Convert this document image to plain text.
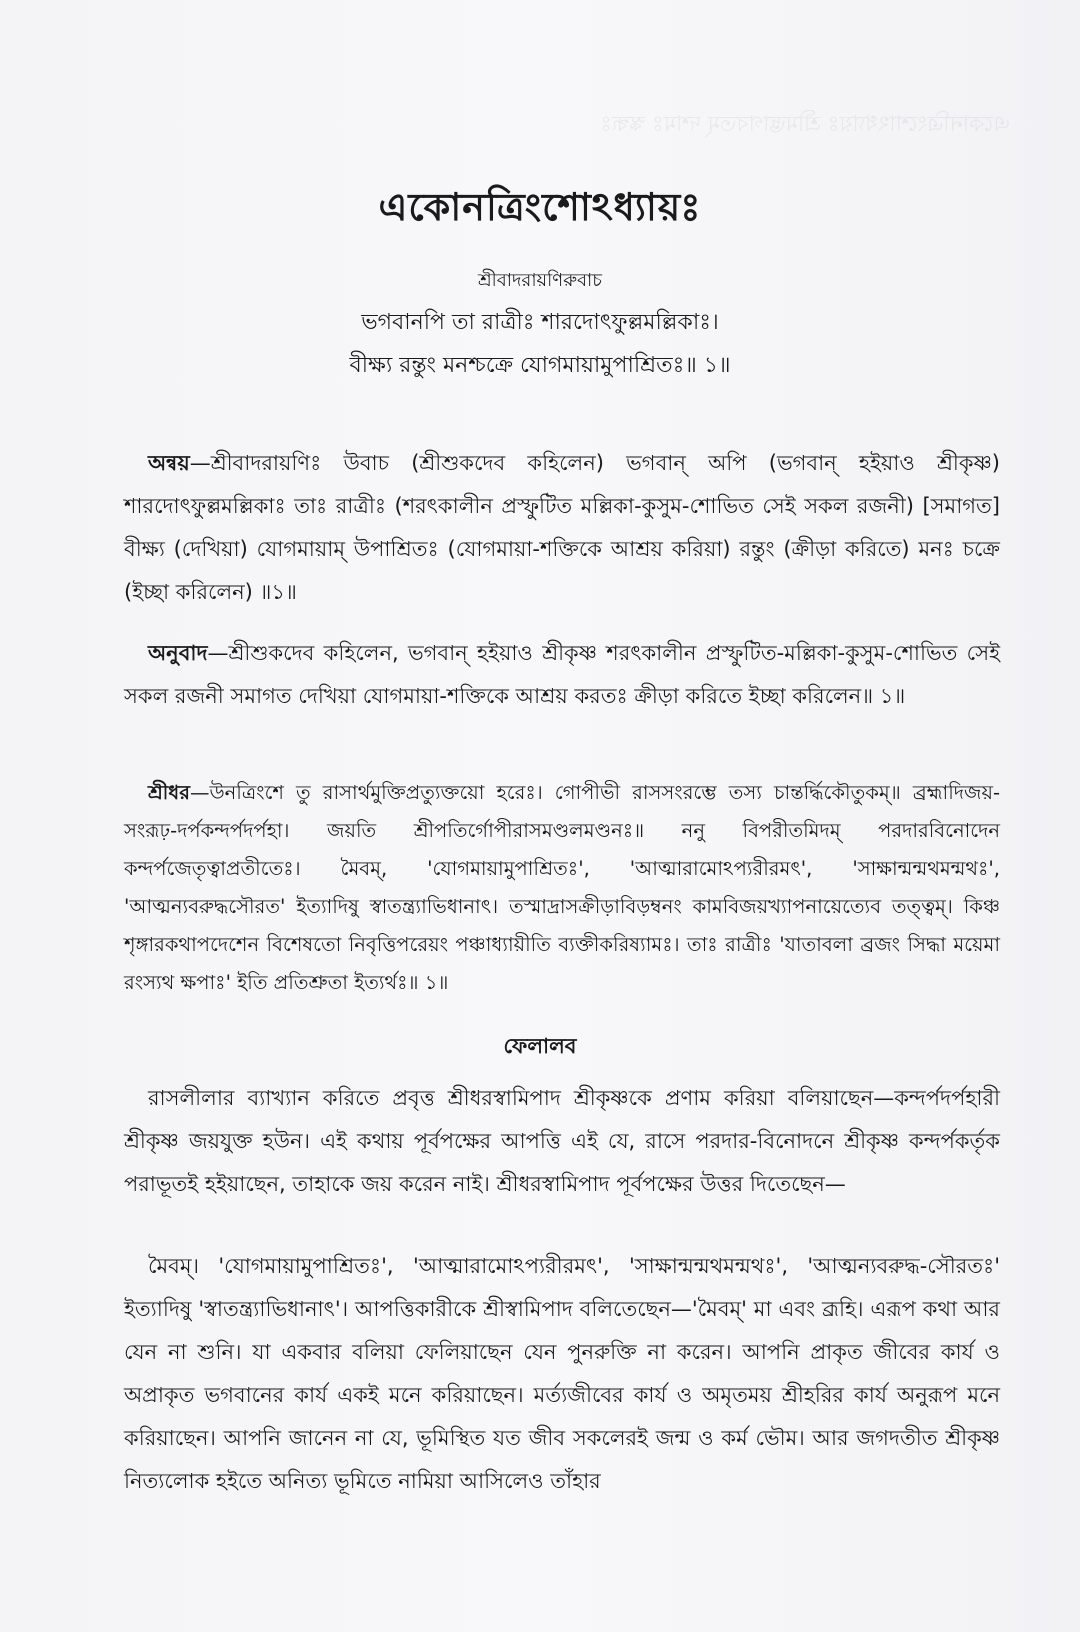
একোনত্রিংশোঽধ্যায়ঃ শ্রীমদ্ভাগবতম্ দশমঃ স্কন্ধঃ
একোনত্রিংশোঽধ্যায়ঃ
শ্রীবাদরায়ণিরুবাচ
ভগবানপি তা রাত্রীঃ শারদোৎফুল্লমল্লিকাঃ।
বীক্ষ্য রন্তুং মনশ্চক্রে যোগমায়ামুপাশ্রিতঃ॥ ১॥
অন্বয়—শ্রীবাদরায়ণিঃ উবাচ (শ্রীশুকদেব কহিলেন) ভগবান্ অপি (ভগবান্ হইয়াও শ্রীকৃষ্ণ) শারদোৎফুল্লমল্লিকাঃ তাঃ রাত্রীঃ (শরৎকালীন প্রস্ফুটিত মল্লিকা-কুসুম-শোভিত সেই সকল রজনী) [সমাগত] বীক্ষ্য (দেখিয়া) যোগমায়াম্ উপাশ্রিতঃ (যোগমায়া-শক্তিকে আশ্রয় করিয়া) রন্তুং (ক্রীড়া করিতে) মনঃ চক্রে (ইচ্ছা করিলেন) ॥১॥
অনুবাদ—শ্রীশুকদেব কহিলেন, ভগবান্ হইয়াও শ্রীকৃষ্ণ শরৎকালীন প্রস্ফুটিত-মল্লিকা-কুসুম-শোভিত সেই সকল রজনী সমাগত দেখিয়া যোগমায়া-শক্তিকে আশ্রয় করতঃ ক্রীড়া করিতে ইচ্ছা করিলেন॥ ১॥
শ্রীধর—উনত্রিংশে তু রাসার্থমুক্তিপ্রত্যুক্তয়ো হরেঃ। গোপীভী রাসসংরম্ভে তস্য চান্তর্দ্ধিকৌতুকম্॥ ব্রহ্মাদিজয়-সংরূঢ়-দর্পকন্দর্পদর্পহা। জয়তি শ্রীপতির্গোপীরাসমণ্ডলমণ্ডনঃ॥ ননু বিপরীতমিদম্ পরদারবিনোদেন কন্দর্পজেতৃত্বাপ্রতীতেঃ। মৈবম্, 'যোগমায়ামুপাশ্রিতঃ', 'আত্মারামোঽপ্যরীরমৎ', 'সাক্ষান্মন্মথমন্মথঃ', 'আত্মন্যবরুদ্ধসৌরত' ইত্যাদিষু স্বাতন্ত্র্যাভিধানাৎ। তস্মাদ্রাসক্রীড়াবিড়ম্বনং কামবিজয়খ্যাপনায়েত্যেব তত্ত্বম্। কিঞ্চ শৃঙ্গারকথাপদেশেন বিশেষতো নিবৃত্তিপরেয়ং পঞ্চাধ্যায়ীতি ব্যক্তীকরিষ্যামঃ। তাঃ রাত্রীঃ 'যাতাবলা ব্রজং সিদ্ধা ময়েমা রংস্যথ ক্ষপাঃ' ইতি প্রতিশ্রুতা ইত্যর্থঃ॥ ১॥
ফেলালব
রাসলীলার ব্যাখ্যান করিতে প্রবৃত্ত শ্রীধরস্বামিপাদ শ্রীকৃষ্ণকে প্রণাম করিয়া বলিয়াছেন—কন্দর্পদর্পহারী শ্রীকৃষ্ণ জয়যুক্ত হউন। এই কথায় পূর্বপক্ষের আপত্তি এই যে, রাসে পরদার-বিনোদনে শ্রীকৃষ্ণ কন্দর্পকর্তৃক পরাভূতই হইয়াছেন, তাহাকে জয় করেন নাই। শ্রীধরস্বামিপাদ পূর্বপক্ষের উত্তর দিতেছেন—
মৈবম্। 'যোগমায়ামুপাশ্রিতঃ', 'আত্মারামোঽপ্যরীরমৎ', 'সাক্ষান্মন্মথমন্মথঃ', 'আত্মন্যবরুদ্ধ-সৌরতঃ' ইত্যাদিষু 'স্বাতন্ত্র্যাভিধানাৎ'। আপত্তিকারীকে শ্রীস্বামিপাদ বলিতেছেন—'মৈবম্' মা এবং ব্রূহি। এরূপ কথা আর যেন না শুনি। যা একবার বলিয়া ফেলিয়াছেন যেন পুনরুক্তি না করেন। আপনি প্রাকৃত জীবের কার্য ও অপ্রাকৃত ভগবানের কার্য একই মনে করিয়াছেন। মর্ত্যজীবের কার্য ও অমৃতময় শ্রীহরির কার্য অনুরূপ মনে করিয়াছেন। আপনি জানেন না যে, ভূমিস্থিত যত জীব সকলেরই জন্ম ও কর্ম ভৌম। আর জগদতীত শ্রীকৃষ্ণ নিত্যলোক হইতে অনিত্য ভূমিতে নামিয়া আসিলেও তাঁহার
